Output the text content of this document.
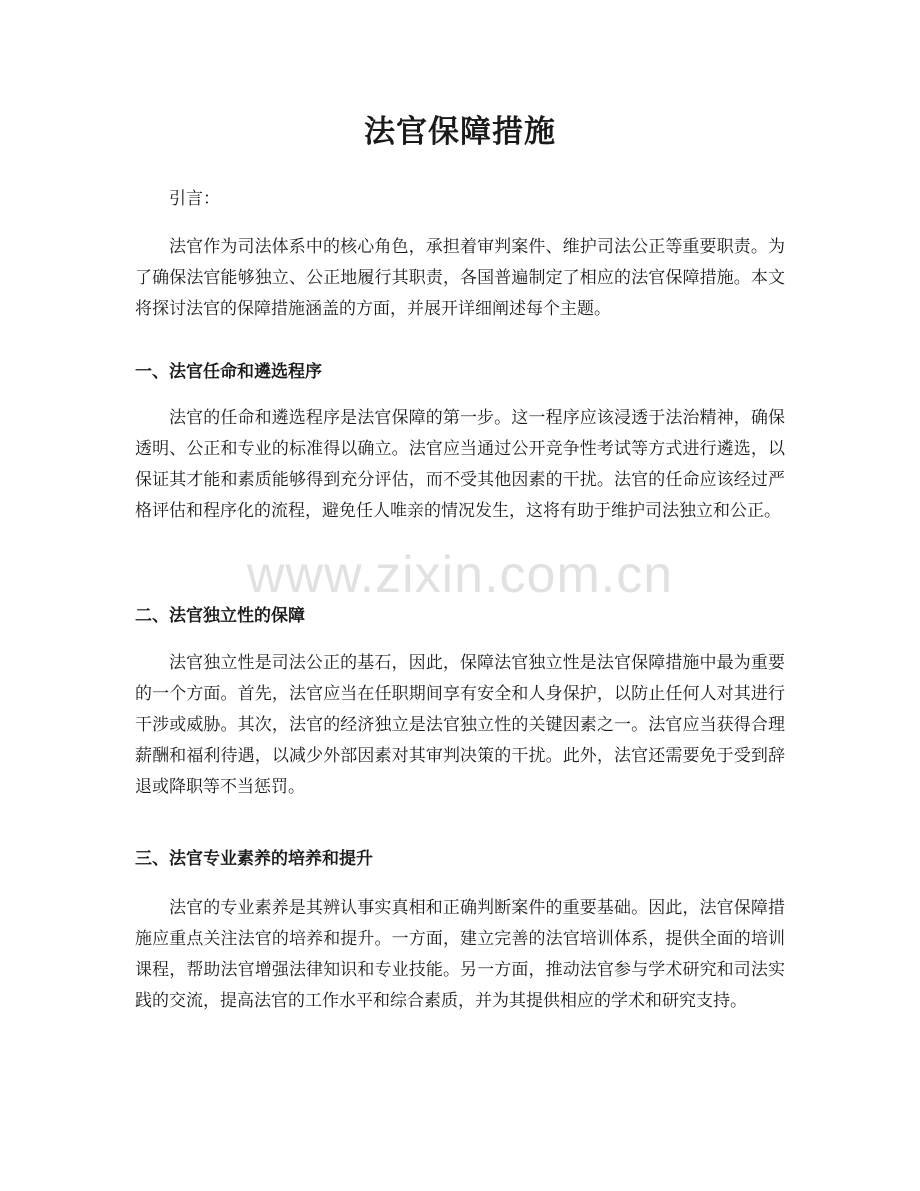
法官保障措施

引言：

法官作为司法体系中的核心角色，承担着审判案件、维护司法公正等重要职责。为了确保法官能够独立、公正地履行其职责，各国普遍制定了相应的法官保障措施。本文将探讨法官的保障措施涵盖的方面，并展开详细阐述每个主题。

一、法官任命和遴选程序

法官的任命和遴选程序是法官保障的第一步。这一程序应该浸透于法治精神，确保透明、公正和专业的标准得以确立。法官应当通过公开竞争性考试等方式进行遴选，以保证其才能和素质能够得到充分评估，而不受其他因素的干扰。法官的任命应该经过严格评估和程序化的流程，避免任人唯亲的情况发生，这将有助于维护司法独立和公正。

二、法官独立性的保障

法官独立性是司法公正的基石，因此，保障法官独立性是法官保障措施中最为重要的一个方面。首先，法官应当在任职期间享有安全和人身保护，以防止任何人对其进行干涉或威胁。其次，法官的经济独立是法官独立性的关键因素之一。法官应当获得合理薪酬和福利待遇，以减少外部因素对其审判决策的干扰。此外，法官还需要免于受到辞退或降职等不当惩罚。

三、法官专业素养的培养和提升

法官的专业素养是其辨认事实真相和正确判断案件的重要基础。因此，法官保障措施应重点关注法官的培养和提升。一方面，建立完善的法官培训体系，提供全面的培训课程，帮助法官增强法律知识和专业技能。另一方面，推动法官参与学术研究和司法实践的交流，提高法官的工作水平和综合素质，并为其提供相应的学术和研究支持。

www.zixin.com.cn
